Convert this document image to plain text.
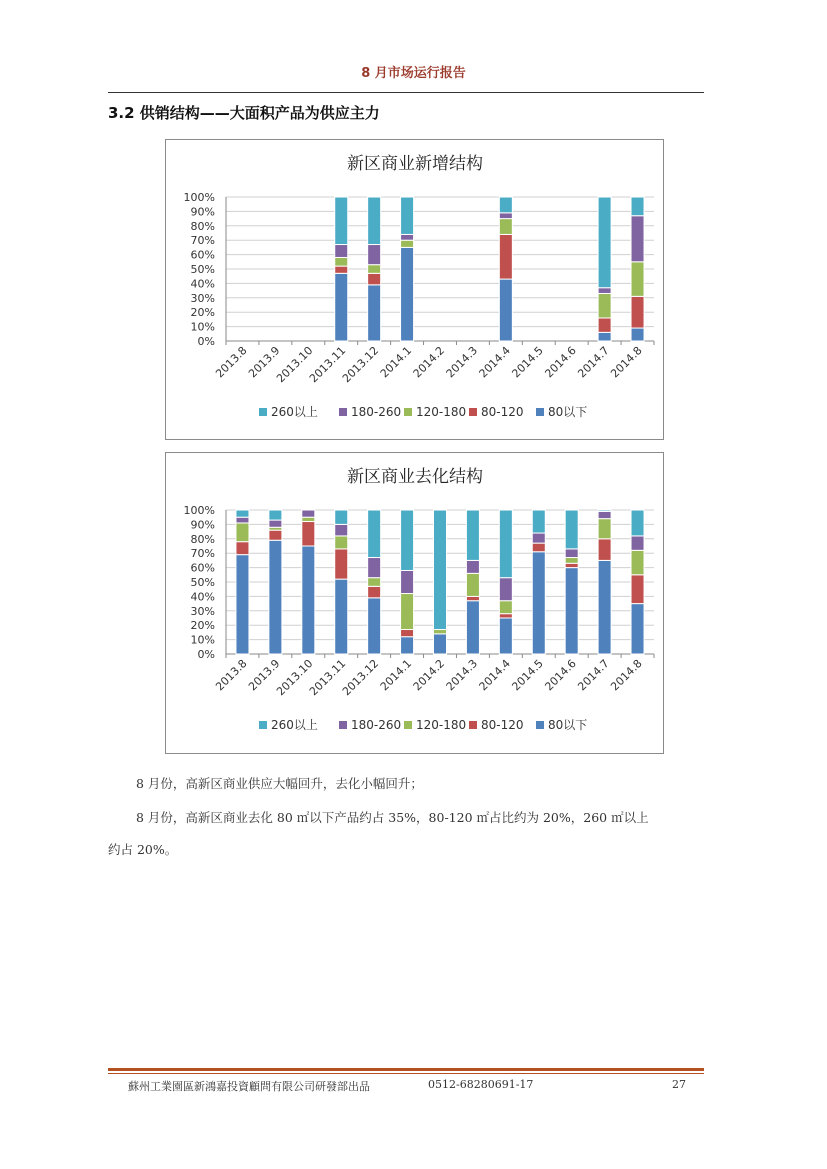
8 月市场运行报告
3.2 供销结构——大面积产品为供应主力
新区商业新增结构
0%
10%
20%
30%
40%
50%
60%
70%
80%
90%
100%
2013.8
2013.9
2013.10
2013.11
2013.12
2014.1
2014.2
2014.3
2014.4
2014.5
2014.6
2014.7
2014.8
260以上	180-260 120-180 80-120 80以下
新区商业去化结构
0%
10%
20%
30%
40%
50%
60%
70%
80%
90%
100%
2013.8
2013.9
2013.10
2013.11
2013.12
2014.1
2014.2
2014.3
2014.4
2014.5
2014.6
2014.7
2014.8
260以上	180-260 120-180 80-120 80以下
8 月份，高新区商业供应大幅回升，去化小幅回升；
8 月份，高新区商业去化 80 ㎡以下产品约占 35%，80-120 ㎡占比约为 20%，260 ㎡以上
约占 20%。
蘇州工業園區新鴻嘉投資顧問有限公司研發部出品	0512-68280691-17	27
